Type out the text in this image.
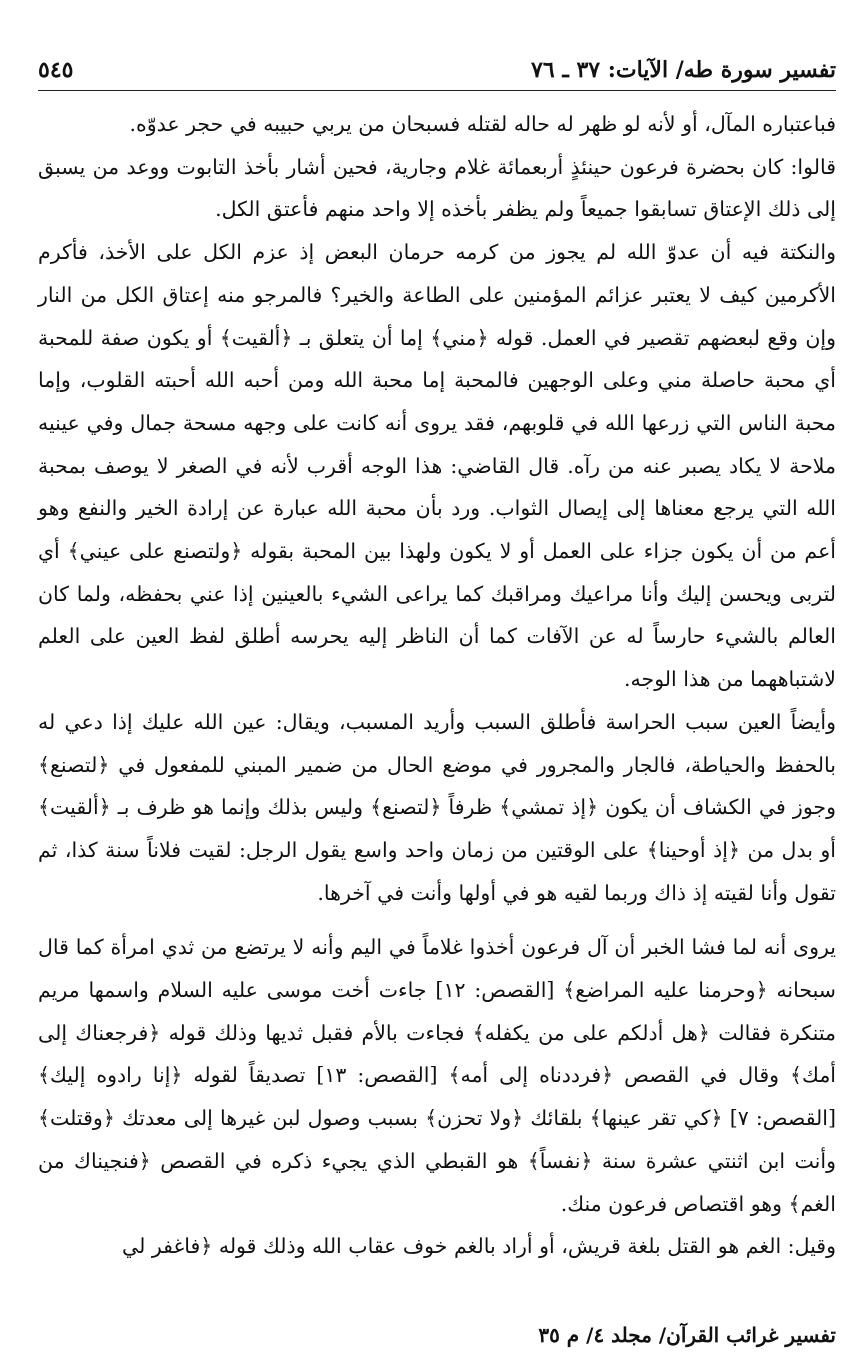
تفسير سورة طه/ الآيات: ٣٧ ـ ٧٦
٥٤٥

فباعتباره المآل، أو لأنه لو ظهر له حاله لقتله فسبحان من يربي حبيبه في حجر عدوّه.

قالوا: كان بحضرة فرعون حينئذٍ أربعمائة غلام وجارية، فحين أشار بأخذ التابوت ووعد من يسبق إلى ذلك الإعتاق تسابقوا جميعاً ولم يظفر بأخذه إلا واحد منهم فأعتق الكل.

والنكتة فيه أن عدوّ الله لم يجوز من كرمه حرمان البعض إذ عزم الكل على الأخذ، فأكرم الأكرمين كيف لا يعتبر عزائم المؤمنين على الطاعة والخير؟ فالمرجو منه إعتاق الكل من النار وإن وقع لبعضهم تقصير في العمل. قوله ﴿مني﴾ إما أن يتعلق بـ ﴿ألقيت﴾ أو يكون صفة للمحبة أي محبة حاصلة مني وعلى الوجهين فالمحبة إما محبة الله ومن أحبه الله أحبته القلوب، وإما محبة الناس التي زرعها الله في قلوبهم، فقد يروى أنه كانت على وجهه مسحة جمال وفي عينيه ملاحة لا يكاد يصبر عنه من رآه. قال القاضي: هذا الوجه أقرب لأنه في الصغر لا يوصف بمحبة الله التي يرجع معناها إلى إيصال الثواب. ورد بأن محبة الله عبارة عن إرادة الخير والنفع وهو أعم من أن يكون جزاء على العمل أو لا يكون ولهذا بين المحبة بقوله ﴿ولتصنع على عيني﴾ أي لتربى ويحسن إليك وأنا مراعيك ومراقبك كما يراعى الشيء بالعينين إذا عني بحفظه، ولما كان العالم بالشيء حارساً له عن الآفات كما أن الناظر إليه يحرسه أطلق لفظ العين على العلم لاشتباههما من هذا الوجه.

وأيضاً العين سبب الحراسة فأطلق السبب وأريد المسبب، ويقال: عين الله عليك إذا دعي له بالحفظ والحياطة، فالجار والمجرور في موضع الحال من ضمير المبني للمفعول في ﴿لتصنع﴾ وجوز في الكشاف أن يكون ﴿إذ تمشي﴾ ظرفاً ﴿لتصنع﴾ وليس بذلك وإنما هو ظرف بـ ﴿ألقيت﴾ أو بدل من ﴿إذ أوحينا﴾ على الوقتين من زمان واحد واسع يقول الرجل: لقيت فلاناً سنة كذا، ثم تقول وأنا لقيته إذ ذاك وربما لقيه هو في أولها وأنت في آخرها.

يروى أنه لما فشا الخبر أن آل فرعون أخذوا غلاماً في اليم وأنه لا يرتضع من ثدي امرأة كما قال سبحانه ﴿وحرمنا عليه المراضع﴾ [القصص: ١٢] جاءت أخت موسى عليه السلام واسمها مريم متنكرة فقالت ﴿هل أدلكم على من يكفله﴾ فجاءت بالأم فقبل ثديها وذلك قوله ﴿فرجعناك إلى أمك﴾ وقال في القصص ﴿فرددناه إلى أمه﴾ [القصص: ١٣] تصديقاً لقوله ﴿إنا رادوه إليك﴾ [القصص: ٧] ﴿كي تقر عينها﴾ بلقائك ﴿ولا تحزن﴾ بسبب وصول لبن غيرها إلى معدتك ﴿وقتلت﴾ وأنت ابن اثنتي عشرة سنة ﴿نفساً﴾ هو القبطي الذي يجيء ذكره في القصص ﴿فنجيناك من الغم﴾ وهو اقتصاص فرعون منك.

وقيل: الغم هو القتل بلغة قريش، أو أراد بالغم خوف عقاب الله وذلك قوله ﴿فاغفر لي

تفسير غرائب القرآن/ مجلد ٤/ م ٣٥
